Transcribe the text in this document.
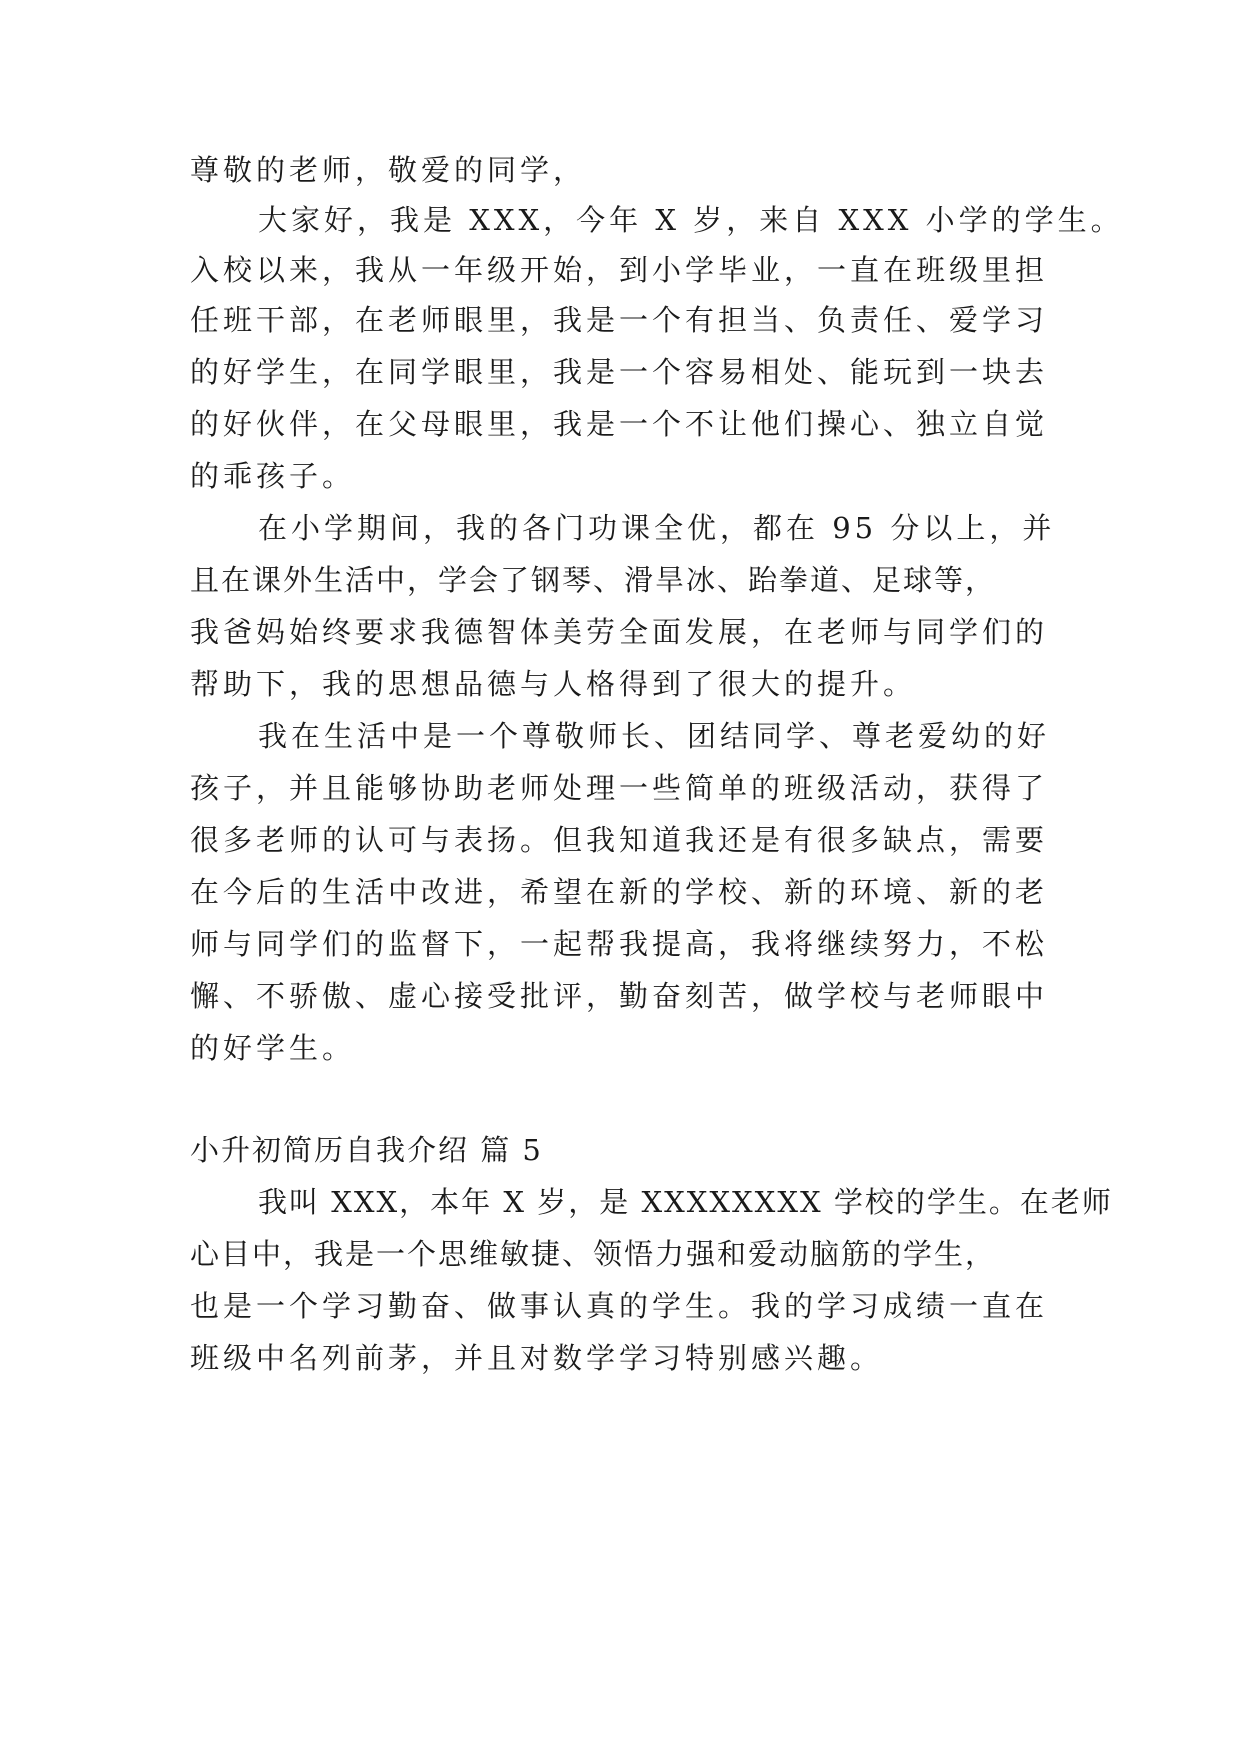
尊敬的老师，敬爱的同学，
大家好，我是 XXX，今年 X 岁，来自 XXX 小学的学生。
入校以来，我从一年级开始，到小学毕业，一直在班级里担
任班干部，在老师眼里，我是一个有担当、负责任、爱学习
的好学生，在同学眼里，我是一个容易相处、能玩到一块去
的好伙伴，在父母眼里，我是一个不让他们操心、独立自觉
的乖孩子。
在小学期间，我的各门功课全优，都在 95 分以上，并
且在课外生活中，学会了钢琴、滑旱冰、跆拳道、足球等，
我爸妈始终要求我德智体美劳全面发展，在老师与同学们的
帮助下，我的思想品德与人格得到了很大的提升。
我在生活中是一个尊敬师长、团结同学、尊老爱幼的好
孩子，并且能够协助老师处理一些简单的班级活动，获得了
很多老师的认可与表扬。但我知道我还是有很多缺点，需要
在今后的生活中改进，希望在新的学校、新的环境、新的老
师与同学们的监督下，一起帮我提高，我将继续努力，不松
懈、不骄傲、虚心接受批评，勤奋刻苦，做学校与老师眼中
的好学生。
小升初简历自我介绍 篇 5
我叫 XXX，本年 X 岁，是 XXXXXXXX 学校的学生。在老师
心目中，我是一个思维敏捷、领悟力强和爱动脑筋的学生，
也是一个学习勤奋、做事认真的学生。我的学习成绩一直在
班级中名列前茅，并且对数学学习特别感兴趣。
